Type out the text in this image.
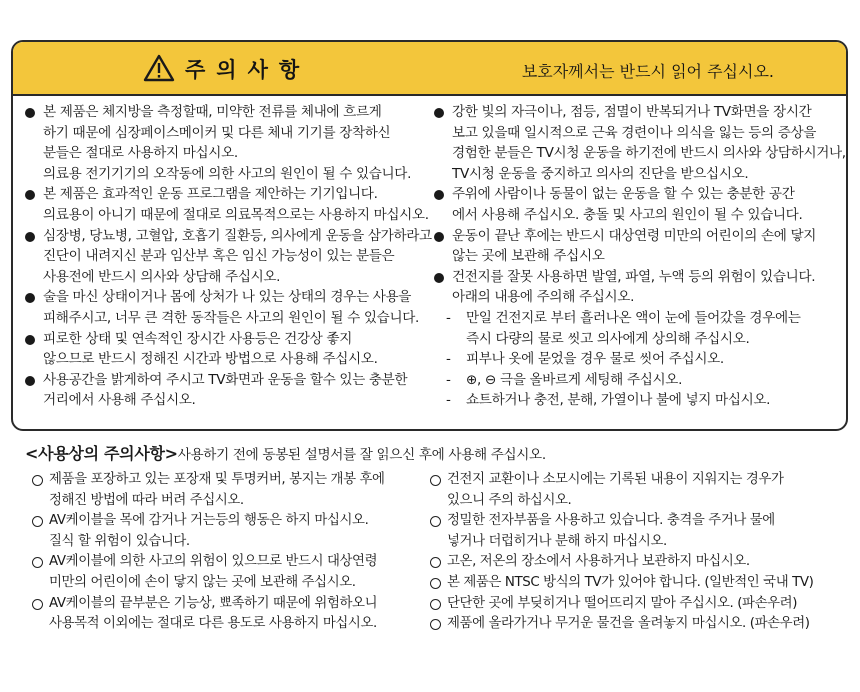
주의사항	보호자께서는 반드시 읽어 주십시오.
본 제품은 체지방을 측정할때, 미약한 전류를 체내에 흐르게
하기 때문에 심장페이스메이커 및 다른 체내 기기를 장착하신
분들은 절대로 사용하지 마십시오.
의료용 전기기기의 오작동에 의한 사고의 원인이 될 수 있습니다.
본 제품은 효과적인 운동 프로그램을 제안하는 기기입니다.
의료용이 아니기 때문에 절대로 의료목적으로는 사용하지 마십시오.
심장병, 당뇨병, 고혈압, 호흡기 질환등, 의사에게 운동을 삼가하라고
진단이 내려지신 분과 임산부 혹은 임신 가능성이 있는 분들은
사용전에 반드시 의사와 상담해 주십시오.
술을 마신 상태이거나 몸에 상처가 나 있는 상태의 경우는 사용을
피해주시고, 너무 큰 격한 동작들은 사고의 원인이 될 수 있습니다.
피로한 상태 및 연속적인 장시간 사용등은 건강상 좋지
않으므로 반드시 정해진 시간과 방법으로 사용해 주십시오.
사용공간을 밝게하여 주시고 TV화면과 운동을 할수 있는 충분한
거리에서 사용해 주십시오.
강한 빛의 자극이나, 점등, 점멸이 반복되거나 TV화면을 장시간
보고 있을때 일시적으로 근육 경련이나 의식을 잃는 등의 증상을
경험한 분들은 TV시청 운동을 하기전에 반드시 의사와 상담하시거나,
TV시청 운동을 중지하고 의사의 진단을 받으십시오.
주위에 사람이나 동물이 없는 운동을 할 수 있는 충분한 공간
에서 사용해 주십시오. 충돌 및 사고의 원인이 될 수 있습니다.
운동이 끝난 후에는 반드시 대상연령 미만의 어린이의 손에 닿지
않는 곳에 보관해 주십시오
건전지를 잘못 사용하면 발열, 파열, 누액 등의 위험이 있습니다.
아래의 내용에 주의해 주십시오.
- 만일 건전지로 부터 흘러나온 액이 눈에 들어갔을 경우에는
즉시 다량의 물로 씻고 의사에게 상의해 주십시오.
- 피부나 옷에 묻었을 경우 물로 씻어 주십시오.
- ⊕, ⊖ 극을 올바르게 세팅해 주십시오.
- 쇼트하거나 충전, 분해, 가열이나 불에 넣지 마십시오.
<사용상의 주의사항>사용하기 전에 동봉된 설명서를 잘 읽으신 후에 사용해 주십시오.
제품을 포장하고 있는 포장재 및 투명커버, 봉지는 개봉 후에
정해진 방법에 따라 버려 주십시오.
AV케이블을 목에 감거나 거는등의 행동은 하지 마십시오.
질식 할 위험이 있습니다.
AV케이블에 의한 사고의 위험이 있으므로 반드시 대상연령
미만의 어린이에 손이 닿지 않는 곳에 보관해 주십시오.
AV케이블의 끝부분은 기능상, 뾰족하기 때문에 위험하오니
사용목적 이외에는 절대로 다른 용도로 사용하지 마십시오.
건전지 교환이나 소모시에는 기록된 내용이 지워지는 경우가
있으니 주의 하십시오.
정밀한 전자부품을 사용하고 있습니다. 충격을 주거나 물에
넣거나 더럽히거나 분해 하지 마십시오.
고온, 저온의 장소에서 사용하거나 보관하지 마십시오.
본 제품은 NTSC 방식의 TV가 있어야 합니다. (일반적인 국내 TV)
단단한 곳에 부딪히거나 떨어뜨리지 말아 주십시오. (파손우려)
제품에 올라가거나 무거운 물건을 올려놓지 마십시오. (파손우려)
